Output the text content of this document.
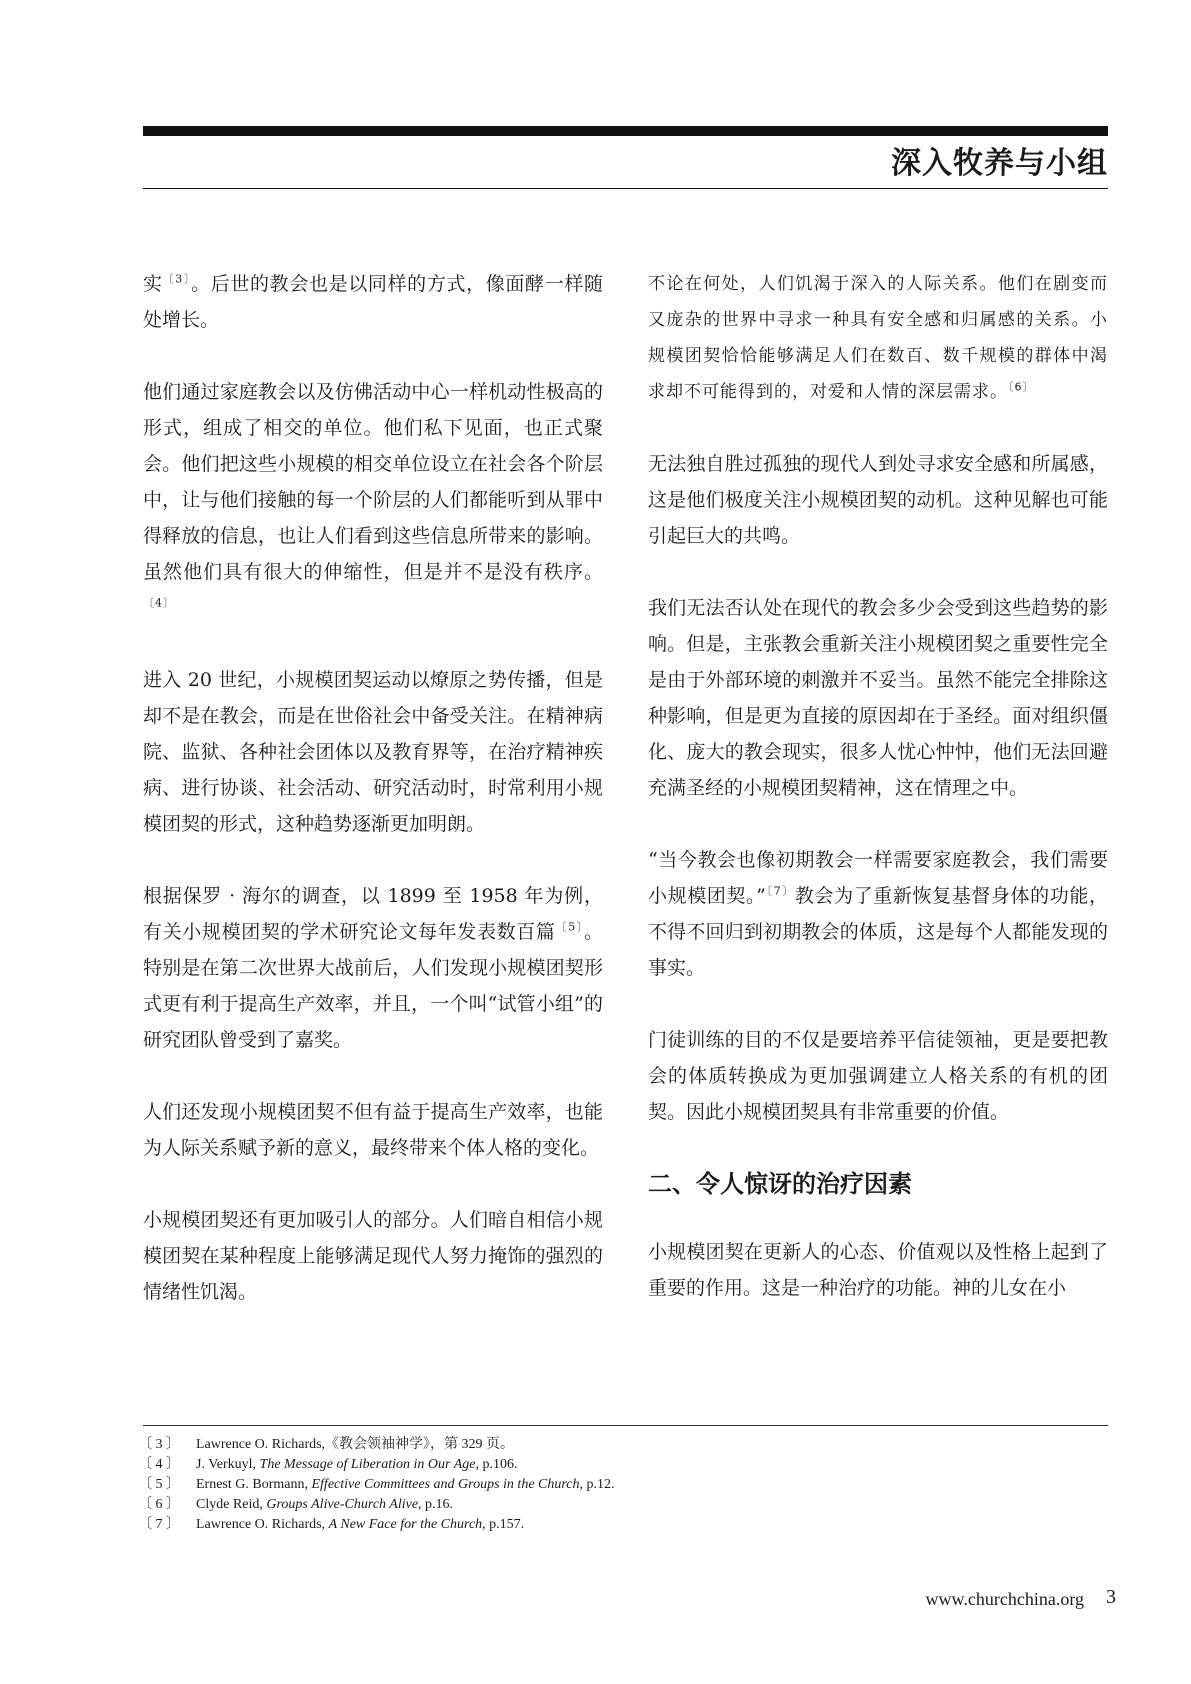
深入牧养与小组

实$^{〔3〕}$。后世的教会也是以同样的方式，像面酵一样随处增长。

他们通过家庭教会以及仿佛活动中心一样机动性极高的形式，组成了相交的单位。他们私下见面，也正式聚会。他们把这些小规模的相交单位设立在社会各个阶层中，让与他们接触的每一个阶层的人们都能听到从罪中得释放的信息，也让人们看到这些信息所带来的影响。虽然他们具有很大的伸缩性，但是并不是没有秩序。$^{〔4〕}$

进入 20 世纪，小规模团契运动以燎原之势传播，但是却不是在教会，而是在世俗社会中备受关注。在精神病院、监狱、各种社会团体以及教育界等，在治疗精神疾病、进行协谈、社会活动、研究活动时，时常利用小规模团契的形式，这种趋势逐渐更加明朗。

根据保罗 · 海尔的调查，以 1899 至 1958 年为例，有关小规模团契的学术研究论文每年发表数百篇$^{〔5〕}$。特别是在第二次世界大战前后，人们发现小规模团契形式更有利于提高生产效率，并且，一个叫“试管小组”的研究团队曾受到了嘉奖。

人们还发现小规模团契不但有益于提高生产效率，也能为人际关系赋予新的意义，最终带来个体人格的变化。

小规模团契还有更加吸引人的部分。人们暗自相信小规模团契在某种程度上能够满足现代人努力掩饰的强烈的情绪性饥渴。

不论在何处，人们饥渴于深入的人际关系。他们在剧变而又庞杂的世界中寻求一种具有安全感和归属感的关系。小规模团契恰恰能够满足人们在数百、数千规模的群体中渴求却不可能得到的，对爱和人情的深层需求。$^{〔6〕}$

无法独自胜过孤独的现代人到处寻求安全感和所属感，这是他们极度关注小规模团契的动机。这种见解也可能引起巨大的共鸣。

我们无法否认处在现代的教会多少会受到这些趋势的影响。但是，主张教会重新关注小规模团契之重要性完全是由于外部环境的刺激并不妥当。虽然不能完全排除这种影响，但是更为直接的原因却在于圣经。面对组织僵化、庞大的教会现实，很多人忧心忡忡，他们无法回避充满圣经的小规模团契精神，这在情理之中。

“当今教会也像初期教会一样需要家庭教会，我们需要小规模团契。”$^{〔7〕}$教会为了重新恢复基督身体的功能，不得不回归到初期教会的体质，这是每个人都能发现的事实。

门徒训练的目的不仅是要培养平信徒领袖，更是要把教会的体质转换成为更加强调建立人格关系的有机的团契。因此小规模团契具有非常重要的价值。

二、令人惊讶的治疗因素

小规模团契在更新人的心态、价值观以及性格上起到了重要的作用。这是一种治疗的功能。神的儿女在小

〔 3 〕	Lawrence O. Richards,《教会领袖神学》，第 329 页。
〔 4 〕	J. Verkuyl, The Message of Liberation in Our Age, p.106.
〔 5 〕	Ernest G. Bormann, Effective Committees and Groups in the Church, p.12.
〔 6 〕	Clyde Reid, Groups Alive-Church Alive, p.16.
〔 7 〕	Lawrence O. Richards, A New Face for the Church, p.157.
www.churchchina.org 3
